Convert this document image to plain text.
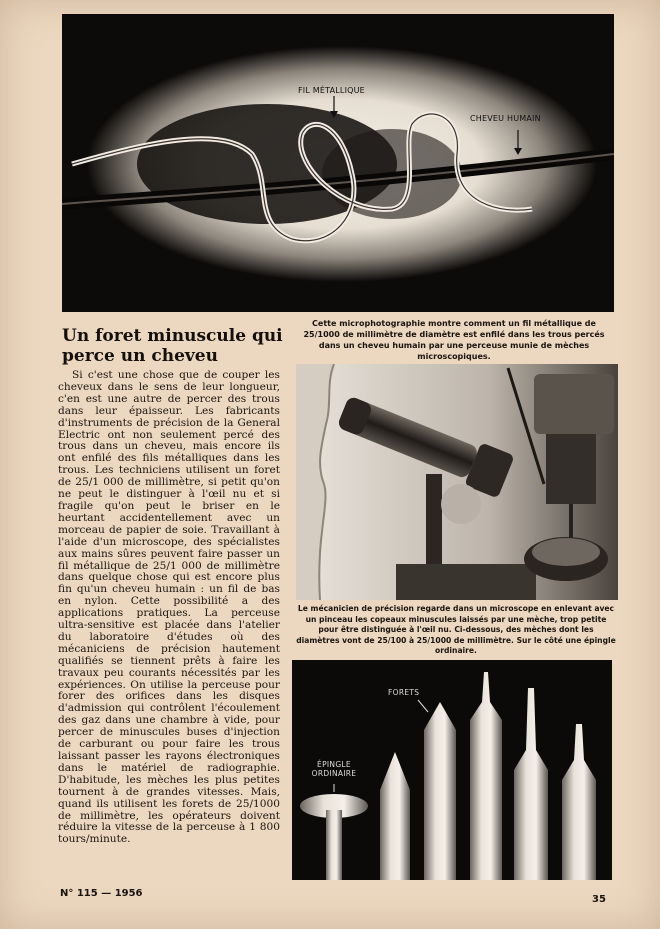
FIL MÉTALLIQUE
CHEVEU HUMAIN
Cette microphotographie montre comment un fil métallique de 25/1000 de millimètre de diamètre est enfilé dans les trous percés dans un cheveu humain par une perceuse munie de mèches microscopiques.
Un foret minuscule qui perce un cheveu

Si c'est une chose que de couper les cheveux dans le sens de leur longueur, c'en est une autre de percer des trous dans leur épaisseur. Les fabricants d'instruments de précision de la General Electric ont non seulement percé des trous dans un cheveu, mais encore ils ont enfilé des fils métalliques dans les trous. Les techniciens utilisent un foret de 25/1 000 de millimètre, si petit qu'on ne peut le distinguer à l'œil nu et si fragile qu'on peut le briser en le heurtant accidentellement avec un morceau de papier de soie. Travaillant à l'aide d'un microscope, des spécialistes aux mains sûres peuvent faire passer un fil métallique de 25/1 000 de millimètre dans quelque chose qui est encore plus fin qu'un cheveu humain : un fil de bas en nylon. Cette possibilité a des applications pratiques. La perceuse ultra-sensitive est placée dans l'atelier du laboratoire d'études où des mécaniciens de précision hautement qualifiés se tiennent prêts à faire les travaux peu courants nécessités par les expériences. On utilise la perceuse pour forer des orifices dans les disques d'admission qui contrôlent l'écoulement des gaz dans une chambre à vide, pour percer de minuscules buses d'injection de carburant ou pour faire les trous laissant passer les rayons électroniques dans le matériel de radiographie. D'habitude, les mèches les plus petites tournent à de grandes vitesses. Mais, quand ils utilisent les forets de 25/1000 de millimètre, les opérateurs doivent réduire la vitesse de la perceuse à 1 800 tours/minute.

Le mécanicien de précision regarde dans un microscope en enlevant avec un pinceau les copeaux minuscules laissés par une mèche, trop petite pour être distinguée à l'œil nu. Ci-dessous, des mèches dont les diamètres vont de 25/100 à 25/1000 de millimètre. Sur le côté une épingle ordinaire.
FORETS
ÉPINGLE
ORDINAIRE
N° 115 — 1956
35
